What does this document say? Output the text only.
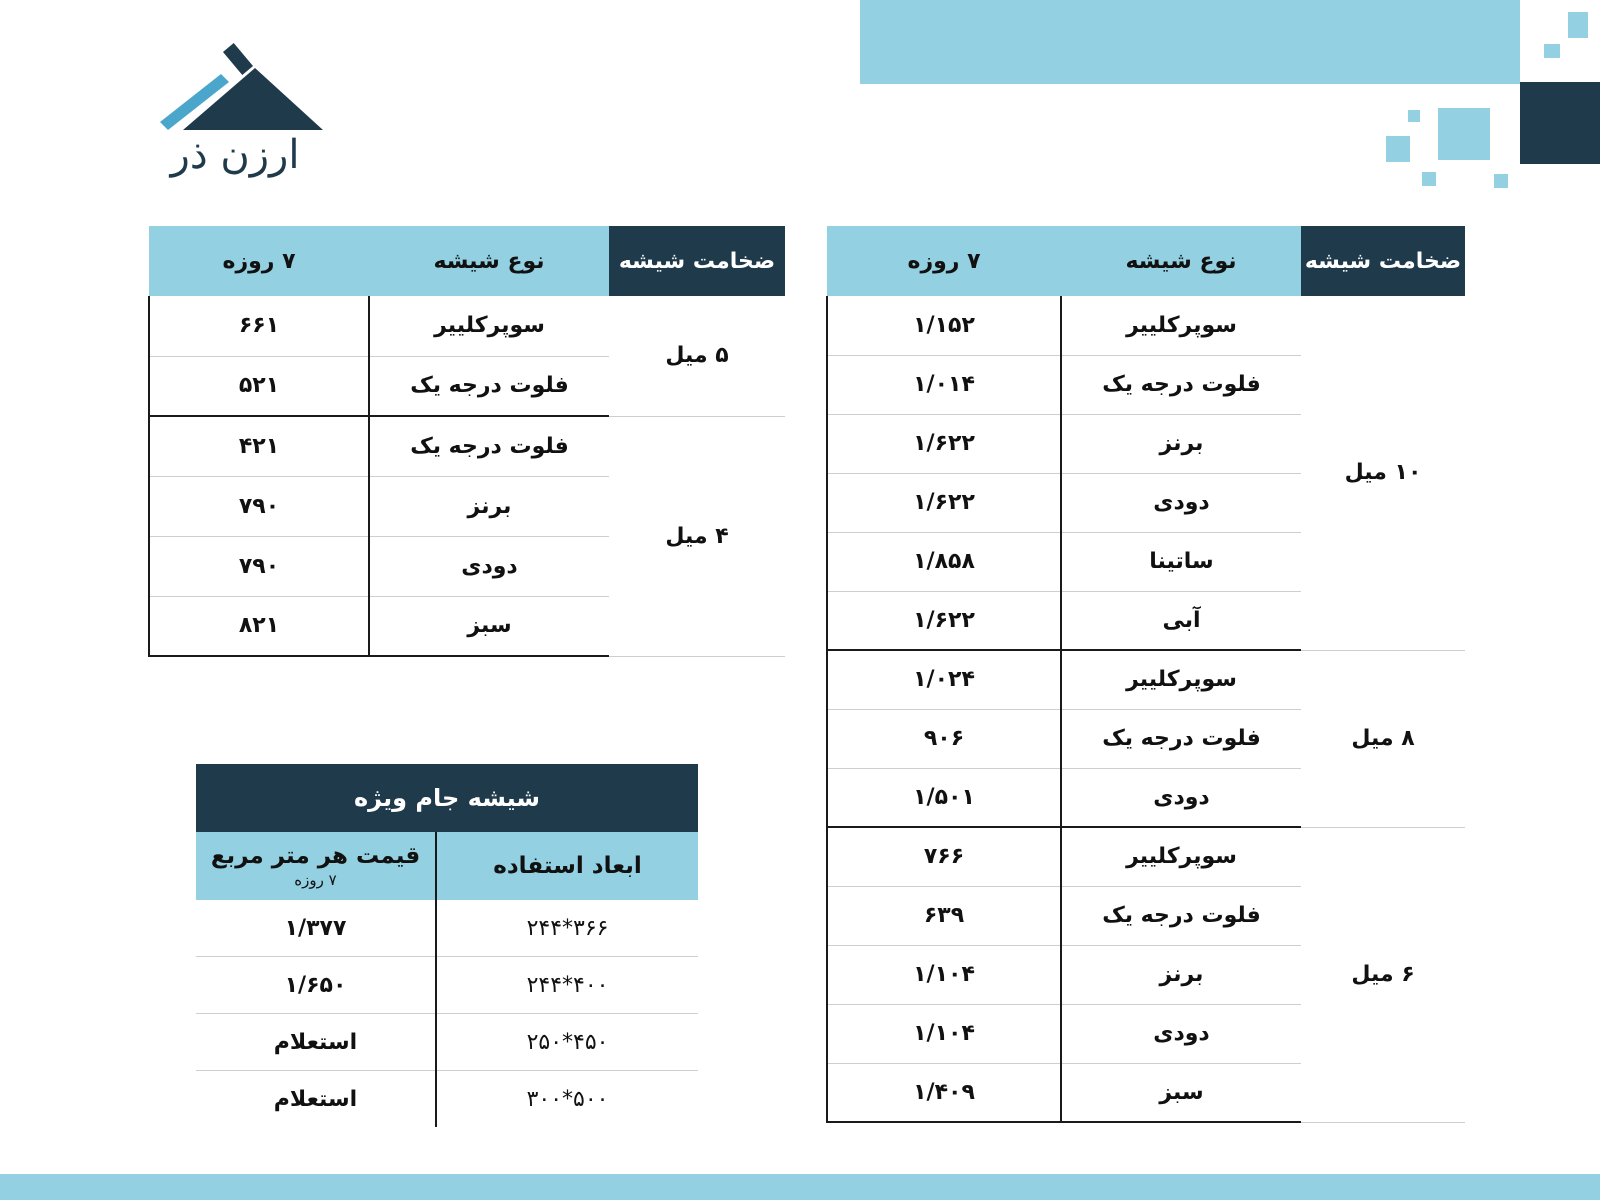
ارزن ذر
ضخامت شیشه	نوع شیشه	۷ روزه
۱۰ میل	سوپرکلییر	۱/۱۵۲
	فلوت درجه یک	۱/۰۱۴
	برنز	۱/۶۲۲
	دودی	۱/۶۲۲
	ساتینا	۱/۸۵۸
	آبی	۱/۶۲۲
۸ میل	سوپرکلییر	۱/۰۲۴
	فلوت درجه یک	۹۰۶
	دودی	۱/۵۰۱
۶ میل	سوپرکلییر	۷۶۶
	فلوت درجه یک	۶۳۹
	برنز	۱/۱۰۴
	دودی	۱/۱۰۴
	سبز	۱/۴۰۹
ضخامت شیشه	نوع شیشه	۷ روزه
۵ میل	سوپرکلییر	۶۶۱
	فلوت درجه یک	۵۲۱
۴ میل	فلوت درجه یک	۴۲۱
	برنز	۷۹۰
	دودی	۷۹۰
	سبز	۸۲۱
شیشه جام ویژه	
ابعاد استفاده	قیمت هر متر مربع
۷ روزه

۳۶۶*۲۴۴	۱/۳۷۷
۴۰۰*۲۴۴	۱/۶۵۰
۴۵۰*۲۵۰	استعلام
۵۰۰*۳۰۰	استعلام
